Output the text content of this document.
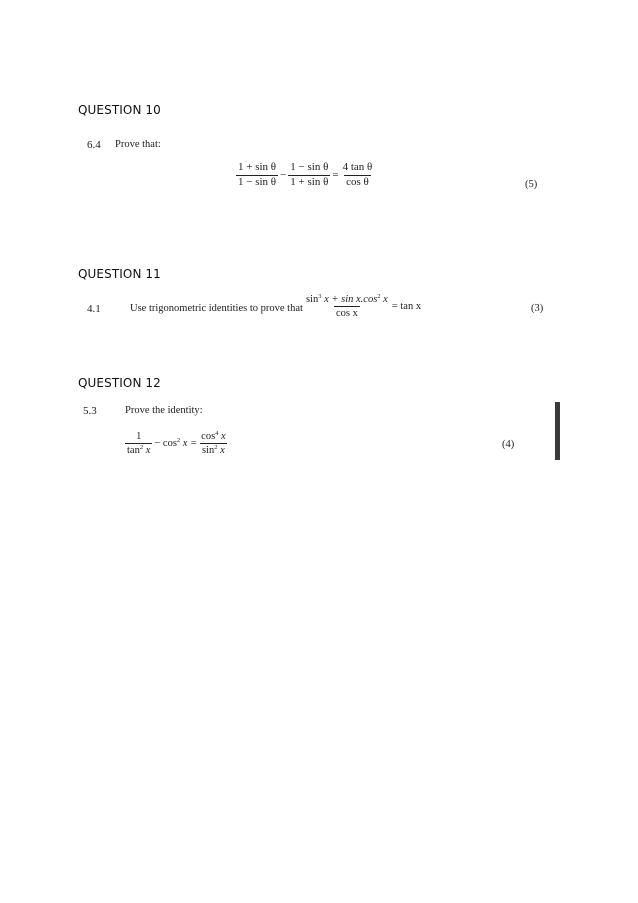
QUESTION 10
6.4 Prove that:
$\frac{\text{1 + sin θ}}{\text{1 − sin θ}} - \frac{\text{1 − sin θ}}{\text{1 + sin θ}} = \frac{\text{4 tan θ}}{\text{cos θ}}$	(5)
QUESTION 11
4.1	Use trigonometric identities to prove that $\frac{\sin^3 x + \sin x.\cos^2 x}{\text{cos x}} = \tan x$	(3)
QUESTION 12
5.3	Prove the identity:
$\frac{1}{\tan^2 x} - \cos^2 x = \frac{\cos^4 x}{\sin^2 x}$	(4)
